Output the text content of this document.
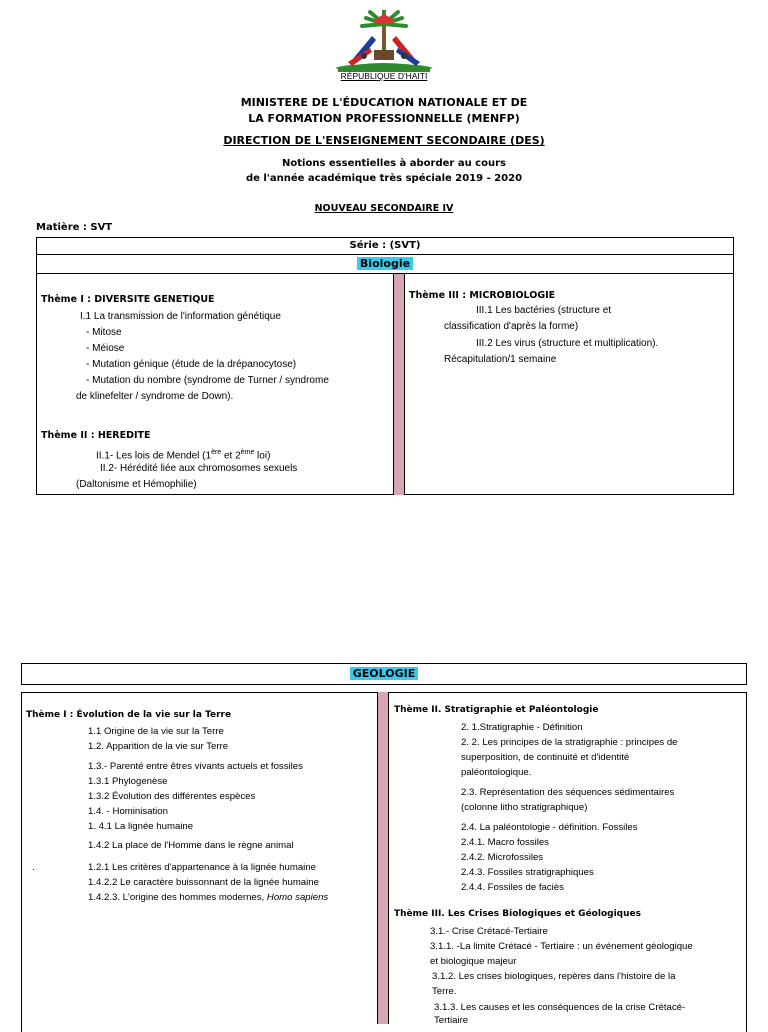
RÉPUBLIQUE D'HAITI
MINISTERE DE L'ÉDUCATION NATIONALE ET DE
LA FORMATION PROFESSIONNELLE (MENFP)
DIRECTION DE L'ENSEIGNEMENT SECONDAIRE (DES)
Notions essentielles à aborder au cours
de l'année académique très spéciale 2019 - 2020
NOUVEAU SECONDAIRE IV
Matière : SVT
Série : (SVT)
Biologie
Thème I : DIVERSITE GENETIQUE
I.1 La transmission de l'information génétique
- Mitose
- Méiose
- Mutation génique (étude de la drépanocytose)
- Mutation du nombre (syndrome de Turner / syndrome
de klinefelter / syndrome de Down).
Thème II : HEREDITE
II.1- Les lois de Mendel (1ère et 2ème loi)
II.2- Hérédité liée aux chromosomes sexuels
(Daltonisme et Hémophilie)
Thème III : MICROBIOLOGIE
III.1 Les bactéries (structure et
classification d'après la forme)
III.2 Les virus (structure et multiplication).
Récapitulation/1 semaine
GEOLOGIE
Thème I : Évolution de la vie sur la Terre
1.1 Origine de la vie sur la Terre
1.2. Apparition de la vie sur Terre
1.3.- Parenté entre êtres vivants actuels et fossiles
1.3.1 Phylogenèse
1.3.2 Évolution des différentes espèces
1.4. - Hominisation
1. 4.1 La lignée humaine
1.4.2 La place de l'Homme dans le règne animal
.	1.2.1 Les critères d'appartenance à la lignée humaine
1.4.2.2 Le caractère buissonnant de la lignée humaine
1.4.2.3. L'origine des hommes modernes, Homo sapiens
Thème II. Stratigraphie et Paléontologie
2. 1.Stratigraphie - Définition
2. 2. Les principes de la stratigraphie : principes de
superposition, de continuité et d'identité
paléontologique.
2.3. Représentation des séquences sédimentaires
(colonne litho stratigraphique)
2.4. La paléontologie - définition. Fossiles
2.4.1. Macro fossiles
2.4.2. Microfossiles
2.4.3. Fossiles stratigraphiques
2.4.4. Fossiles de faciès
Thème III. Les Crises Biologiques et Géologiques
3.1.- Crise Crétacé-Tertiaire
3.1.1. -La limite Crétacé - Tertiaire : un événement géologique
et biologique majeur
3.1.2. Les crises biologiques, repères dans l'histoire de la
Terre.
3.1.3. Les causes et les conséquences de la crise Crétacé-
Tertiaire
